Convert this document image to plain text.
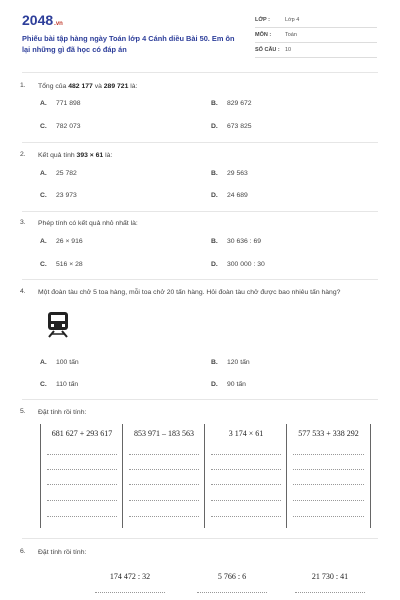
2048.vn
Phiếu bài tập hàng ngày Toán lớp 4 Cánh diều Bài 50. Em ôn lại những gì đã học có đáp án
LỚP :	Lớp 4
MÔN :	Toán
SỐ CÂU : 10
1. Tổng của 482 177 và 289 721 là:
A. 771 898	B. 829 672
C. 782 073	D. 673 825
2. Kết quả tính 393 × 61 là:
A. 25 782	B. 29 563
C. 23 973	D. 24 689
3. Phép tính có kết quả nhỏ nhất là:
A. 26 × 916	B. 30 636 : 69
C. 516 × 28	D. 300 000 : 30
4. Một đoàn tàu chở 5 toa hàng, mỗi toa chở 20 tấn hàng. Hỏi đoàn tàu chở được bao nhiêu tấn hàng?
A. 100 tấn	B. 120 tấn
C. 110 tấn	D. 90 tấn
5. Đặt tính rồi tính:
681 627 + 293 617	853 971 – 183 563	3 174 × 61	577 533 + 338 292
6. Đặt tính rồi tính:
174 472 : 32	5 766 : 6	21 730 : 41
